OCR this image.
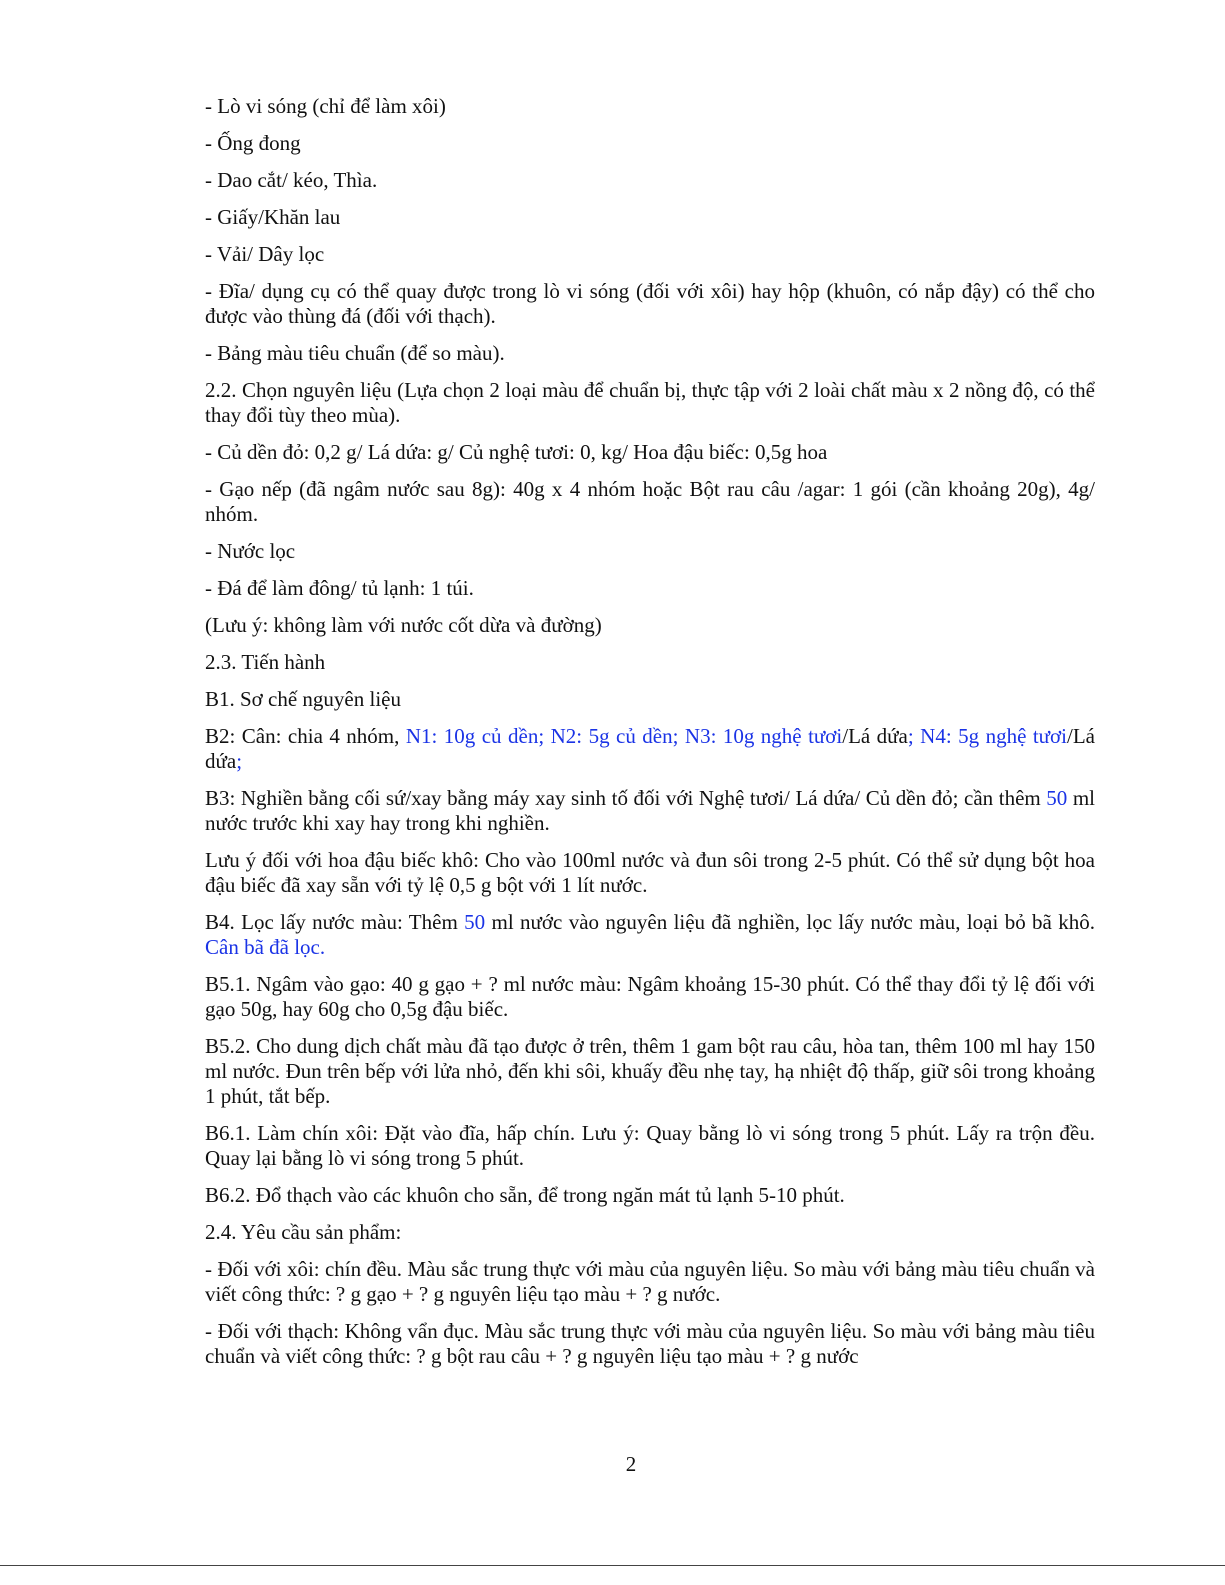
- Lò vi sóng (chỉ để làm xôi)

- Ống đong

- Dao cắt/ kéo, Thìa.

- Giấy/Khăn lau

- Vải/ Dây lọc

- Đĩa/ dụng cụ có thể quay được trong lò vi sóng (đối với xôi) hay hộp (khuôn, có nắp đậy) có thể cho được vào thùng đá (đối với thạch).

- Bảng màu tiêu chuẩn (để so màu).

2.2. Chọn nguyên liệu (Lựa chọn 2 loại màu để chuẩn bị, thực tập với 2 loài chất màu x 2 nồng độ, có thể thay đổi tùy theo mùa).

- Củ dền đỏ: 0,2 g/ Lá dứa: g/ Củ nghệ tươi: 0, kg/ Hoa đậu biếc: 0,5g hoa

- Gạo nếp (đã ngâm nước sau 8g): 40g x 4 nhóm hoặc Bột rau câu /agar: 1 gói (cần khoảng 20g), 4g/ nhóm.

- Nước lọc

- Đá để làm đông/ tủ lạnh: 1 túi.

(Lưu ý: không làm với nước cốt dừa và đường)

2.3. Tiến hành

B1. Sơ chế nguyên liệu

B2: Cân: chia 4 nhóm, N1: 10g củ dền; N2: 5g củ dền; N3: 10g nghệ tươi/Lá dứa; N4: 5g nghệ tươi/Lá dứa;

B3: Nghiền bằng cối sứ/xay bằng máy xay sinh tố đối với Nghệ tươi/ Lá dứa/ Củ dền đỏ; cần thêm 50 ml nước trước khi xay hay trong khi nghiền.

Lưu ý đối với hoa đậu biếc khô: Cho vào 100ml nước và đun sôi trong 2-5 phút. Có thể sử dụng bột hoa đậu biếc đã xay sẵn với tỷ lệ 0,5 g bột với 1 lít nước.

B4. Lọc lấy nước màu: Thêm 50 ml nước vào nguyên liệu đã nghiền, lọc lấy nước màu, loại bỏ bã khô. Cân bã đã lọc.

B5.1. Ngâm vào gạo: 40 g gạo + ? ml nước màu: Ngâm khoảng 15-30 phút. Có thể thay đổi tỷ lệ đối với gạo 50g, hay 60g cho 0,5g đậu biếc.

B5.2. Cho dung dịch chất màu đã tạo được ở trên, thêm 1 gam bột rau câu, hòa tan, thêm 100 ml hay 150 ml nước. Đun trên bếp với lửa nhỏ, đến khi sôi, khuấy đều nhẹ tay, hạ nhiệt độ thấp, giữ sôi trong khoảng 1 phút, tắt bếp.

B6.1. Làm chín xôi: Đặt vào đĩa, hấp chín. Lưu ý: Quay bằng lò vi sóng trong 5 phút. Lấy ra trộn đều. Quay lại bằng lò vi sóng trong 5 phút.

B6.2. Đổ thạch vào các khuôn cho sẵn, để trong ngăn mát tủ lạnh 5-10 phút.

2.4. Yêu cầu sản phẩm:

- Đối với xôi: chín đều. Màu sắc trung thực với màu của nguyên liệu. So màu với bảng màu tiêu chuẩn và viết công thức: ? g gạo + ? g nguyên liệu tạo màu + ? g nước.

- Đối với thạch: Không vẩn đục. Màu sắc trung thực với màu của nguyên liệu. So màu với bảng màu tiêu chuẩn và viết công thức: ? g bột rau câu + ? g nguyên liệu tạo màu + ? g nước

2
